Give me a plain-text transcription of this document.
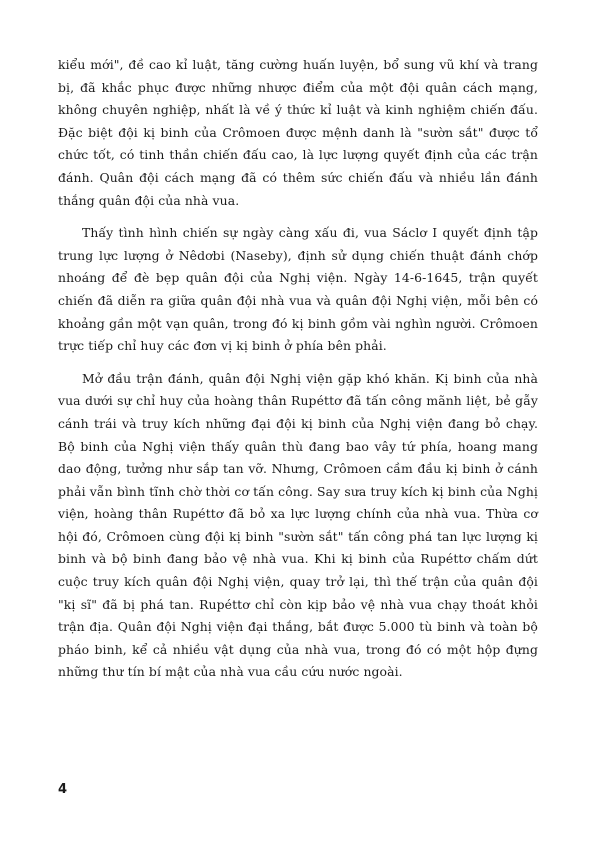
kiểu mới", đề cao kỉ luật, tăng cường huấn luyện, bổ sung vũ khí và trang bị, đã khắc phục được những nhược điểm của một đội quân cách mạng, không chuyên nghiệp, nhất là về ý thức kỉ luật và kinh nghiệm chiến đấu. Đặc biệt đội kị binh của Crômoen được mệnh danh là "sườn sắt" được tổ chức tốt, có tinh thần chiến đấu cao, là lực lượng quyết định của các trận đánh. Quân đội cách mạng đã có thêm sức chiến đấu và nhiều lần đánh thắng quân đội của nhà vua.

Thấy tình hình chiến sự ngày càng xấu đi, vua Sáclơ I quyết định tập trung lực lượng ở Nêdơbi (Naseby), định sử dụng chiến thuật đánh chớp nhoáng để đè bẹp quân đội của Nghị viện. Ngày 14-6-1645, trận quyết chiến đã diễn ra giữa quân đội nhà vua và quân đội Nghị viện, mỗi bên có khoảng gần một vạn quân, trong đó kị binh gồm vài nghìn người. Crômoen trực tiếp chỉ huy các đơn vị kị binh ở phía bên phải.

Mở đầu trận đánh, quân đội Nghị viện gặp khó khăn. Kị binh của nhà vua dưới sự chỉ huy của hoàng thân Rupéttơ đã tấn công mãnh liệt, bẻ gẫy cánh trái và truy kích những đại đội kị binh của Nghị viện đang bỏ chạy. Bộ binh của Nghị viện thấy quân thù đang bao vây tứ phía, hoang mang dao động, tưởng như sắp tan vỡ. Nhưng, Crômoen cầm đầu kị binh ở cánh phải vẫn bình tĩnh chờ thời cơ tấn công. Say sưa truy kích kị binh của Nghị viện, hoàng thân Rupéttơ đã bỏ xa lực lượng chính của nhà vua. Thừa cơ hội đó, Crômoen cùng đội kị binh "sườn sắt" tấn công phá tan lực lượng kị binh và bộ binh đang bảo vệ nhà vua. Khi kị binh của Rupéttơ chấm dứt cuộc truy kích quân đội Nghị viện, quay trở lại, thì thế trận của quân đội "kị sĩ" đã bị phá tan. Rupéttơ chỉ còn kịp bảo vệ nhà vua chạy thoát khỏi trận địa. Quân đội Nghị viện đại thắng, bắt được 5.000 tù binh và toàn bộ pháo binh, kể cả nhiều vật dụng của nhà vua, trong đó có một hộp đựng những thư tín bí mật của nhà vua cầu cứu nước ngoài.

4
